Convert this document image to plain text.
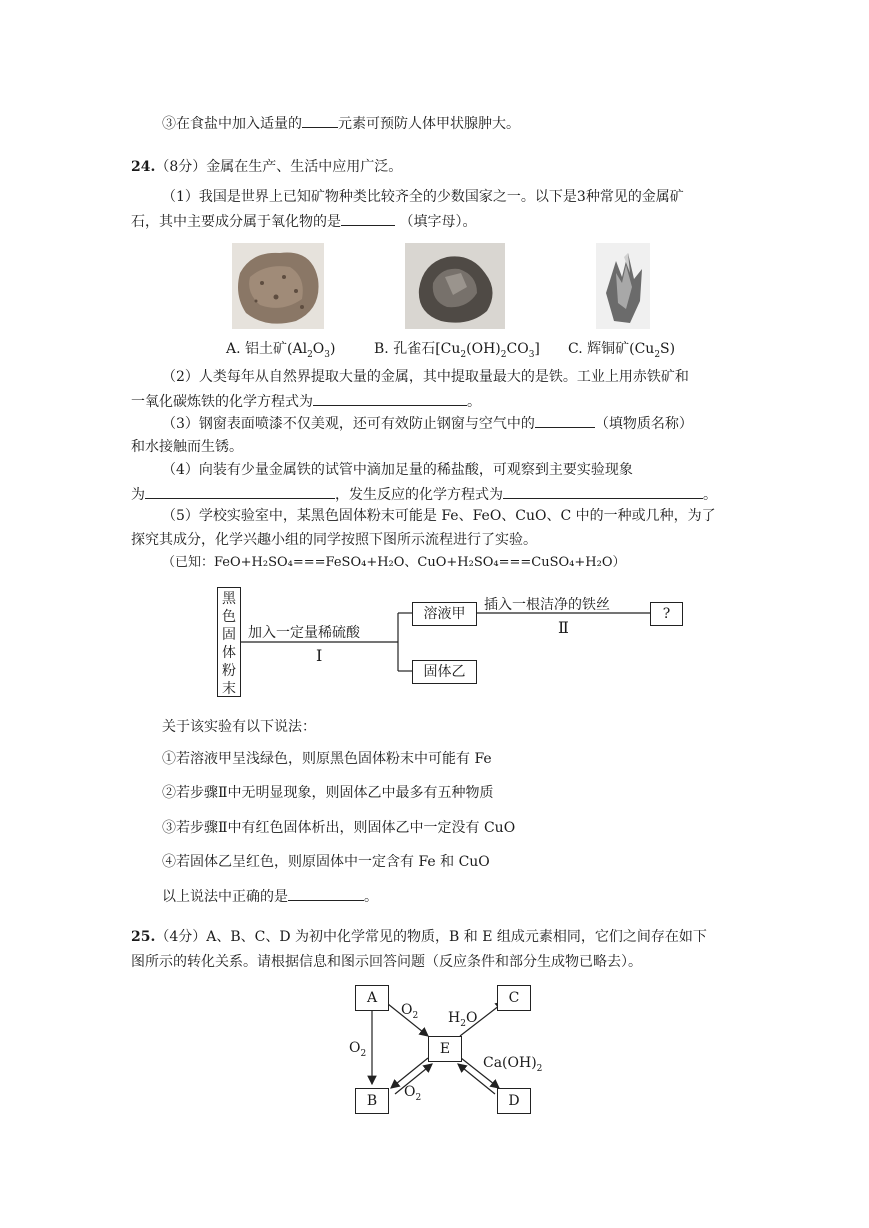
③在食盐中加入适量的	元素可预防人体甲状腺肿大。
24.（8分）金属在生产、生活中应用广泛。
（1）我国是世界上已知矿物种类比较齐全的少数国家之一。以下是3种常见的金属矿
石，其中主要成分属于氧化物的是	（填字母）。
A. 铝土矿$(Al_2O_3)$	B. 孔雀石$[Cu_2(OH)_2CO_3]$ C. 辉铜矿$(Cu_2S)$
（2）人类每年从自然界提取大量的金属，其中提取量最大的是铁。工业上用赤铁矿和
一氧化碳炼铁的化学方程式为	。
（3）钢窗表面喷漆不仅美观，还可有效防止钢窗与空气中的	（填物质名称）
和水接触而生锈。
（4）向装有少量金属铁的试管中滴加足量的稀盐酸，可观察到主要实验现象
为	，发生反应的化学方程式为	。
（5）学校实验室中，某黑色固体粉末可能是 Fe、FeO、CuO、C 中的一种或几种，为了
探究其成分，化学兴趣小组的同学按照下图所示流程进行了实验。
（已知：FeO+H₂SO₄===FeSO₄+H₂O、CuO+H₂SO₄===CuSO₄+H₂O）
黑色固体粉末
加入一定量稀硫酸
Ⅰ
溶液甲
插入一根洁净的铁丝
Ⅱ
?
固体乙
关于该实验有以下说法：
①若溶液甲呈浅绿色，则原黑色固体粉末中可能有 Fe
②若步骤Ⅱ中无明显现象，则固体乙中最多有五种物质
③若步骤Ⅱ中有红色固体析出，则固体乙中一定没有 CuO
④若固体乙呈红色，则原固体中一定含有 Fe 和 CuO
以上说法中正确的是	。
25.（4分）A、B、C、D 为初中化学常见的物质，B 和 E 组成元素相同，它们之间存在如下
图所示的转化关系。请根据信息和图示回答问题（反应条件和部分生成物已略去）。
A
B
C
D
E
$O_2$
$O_2$
$O_2$
$H_2O$
$Ca(OH)_2$
